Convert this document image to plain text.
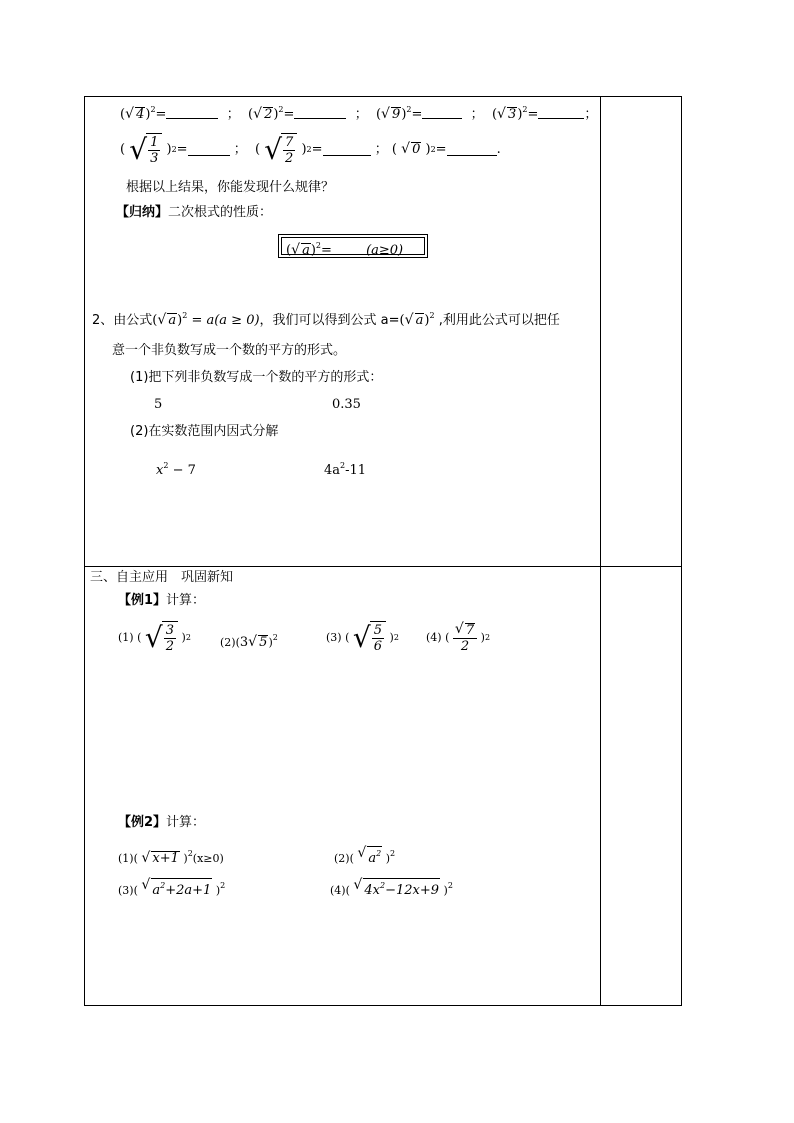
( √ 4)$^2$=	；  ( √ 2)$^2$=	；  ( √ 9)$^2$=	；  ( √ 3)$^2$=	；
( √ $\frac{1}{3}$ ) 2 =
	；
( √ $\frac{7}{2}$ ) 2 =
	；
( √ 0 ) 2 =	.
根据以上结果，你能发现什么规律？
【归纳】二次根式的性质：
( √ a)$^2$=	(a≥0)
2、由公式( √ a)$^2$ = a(a ≥ 0)，我们可以得到公式 a=( √ a)$^2$ ,利用此公式可以把任
意一个非负数写成一个数的平方的形式。
(1)把下列非负数写成一个数的平方的形式：
5	0.35
(2)在实数范围内因式分解
$x^2 - 7$	$4a^2-11$
三、自主应用　巩固新知
【例1】计算：
(1) ( √ $\frac{3}{2}$ ) 2	(2)(3 √ 5)$^2$	(3) ( √ $\frac{5}{6}$ ) 2 (4) ( √ $\frac{7}{2}$ ) 2
【例2】计算：
(1)( √ x+1 )$^2$(x≥0)	(2)( √ $a^2$ )$^2$
(3)( √ $a^2+2a+1$ )$^2$	(4)( √ $4x^2-12x+9$ )$^2$
